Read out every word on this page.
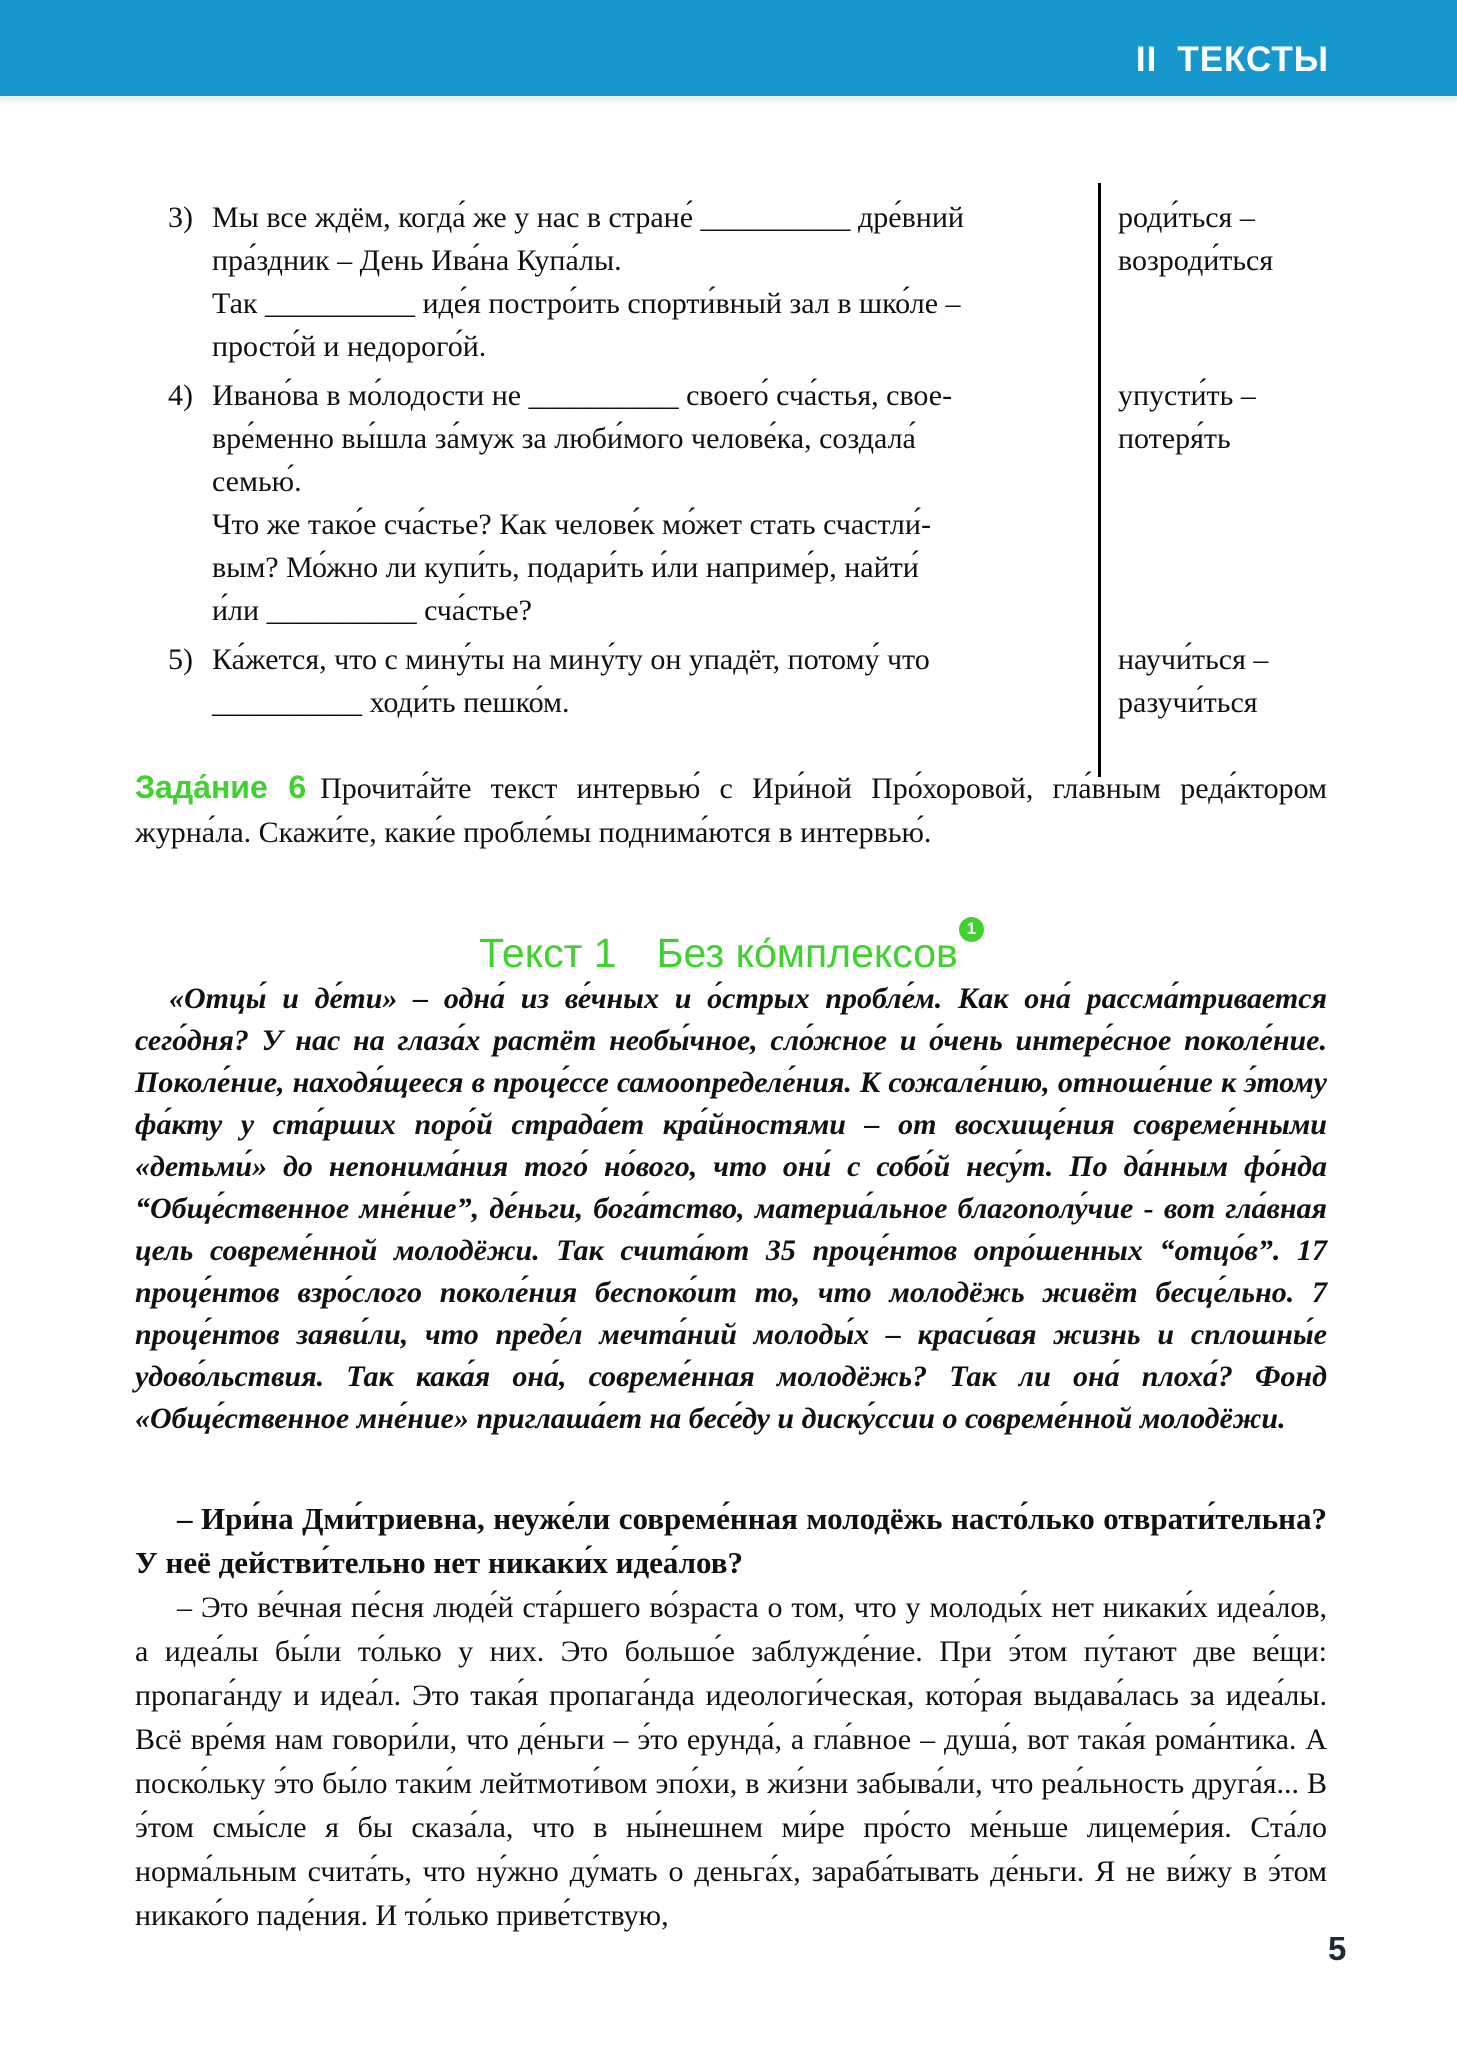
II ТЕКСТЫ
3) Мы все ждём, когда́ же у нас в стране́ __________ дре́вний
пра́здник – День Ива́на Купа́лы.
Так __________ иде́я постро́ить спорти́вный зал в шко́ле –
просто́й и недорого́й.
4) Ивано́ва в мо́лодости не __________ своего́ сча́стья, свое-
вре́менно вы́шла за́муж за люби́мого челове́ка, создала́
семью́.
Что же тако́е сча́стье? Как челове́к мо́жет стать счастли́-
вым? Мо́жно ли купи́ть, подари́ть и́ли наприме́р, найти́
и́ли __________ сча́стье?
5) Ка́жется, что с мину́ты на мину́ту он упадёт, потому́ что
__________ ходи́ть пешко́м.
роди́ться –
возроди́ться
упусти́ть –
потеря́ть
научи́ться –
разучи́ться
Зада́ние 6 Прочита́йте текст интервью́ с Ири́ной Про́хоровой, гла́вным реда́ктором журна́ла. Скажи́те, каки́е пробле́мы поднима́ются в интервью́.
Текст 1 Без ко́мплексов$^1$

«Отцы́ и де́ти» – одна́ из ве́чных и о́стрых пробле́м. Как она́ рассма́тривается сего́дня? У нас на глаза́х растёт необы́чное, сло́жное и о́чень интере́сное поколе́ние. Поколе́ние, находя́щееся в проце́ссе самоопределе́ния. К сожале́нию, отноше́ние к э́тому фа́кту у ста́рших поро́й страда́ет кра́йностями – от восхище́ния совреме́нными «детьми́» до непонима́ния того́ но́вого, что они́ с собо́й несу́т. По да́нным фо́нда “Обще́ственное мне́ние”, де́ньги, бога́тство, материа́льное благополу́чие - вот гла́вная цель совреме́нной молодёжи. Так счита́ют 35 проце́нтов опро́шенных “отцо́в”. 17 проце́нтов взро́слого поколе́ния беспоко́ит то, что молодёжь живёт бесце́льно. 7 проце́нтов заяви́ли, что преде́л мечта́ний молоды́х – краси́вая жизнь и сплошны́е удово́льствия. Так кака́я она́, совреме́нная молодёжь? Так ли она́ плоха́? Фонд «Обще́ственное мне́ние» приглаша́ет на бесе́ду и диску́ссии о совреме́нной молодёжи.

– Ири́на Дми́триевна, неуже́ли совреме́нная молодёжь насто́лько отврати́тельна? У неё действи́тельно нет никаки́х идеа́лов?

– Это ве́чная пе́сня люде́й ста́ршего во́зраста о том, что у молоды́х нет никаки́х идеа́лов, а идеа́лы бы́ли то́лько у них. Это большо́е заблужде́ние. При э́том пу́тают две ве́щи: пропага́нду и идеа́л. Это така́я пропага́нда идеологи́ческая, кото́рая выдава́лась за идеа́лы. Всё вре́мя нам говори́ли, что де́ньги – э́то ерунда́, а гла́вное – душа́, вот така́я рома́нтика. А поско́льку э́то бы́ло таки́м лейтмоти́вом эпо́хи, в жи́зни забыва́ли, что реа́льность друга́я... В э́том смы́сле я бы сказа́ла, что в ны́нешнем ми́ре про́сто ме́ньше лицеме́рия. Ста́ло норма́льным счита́ть, что ну́жно ду́мать о деньга́х, зараба́тывать де́ньги. Я не ви́жу в э́том никако́го паде́ния. И то́лько приве́тствую,

5
